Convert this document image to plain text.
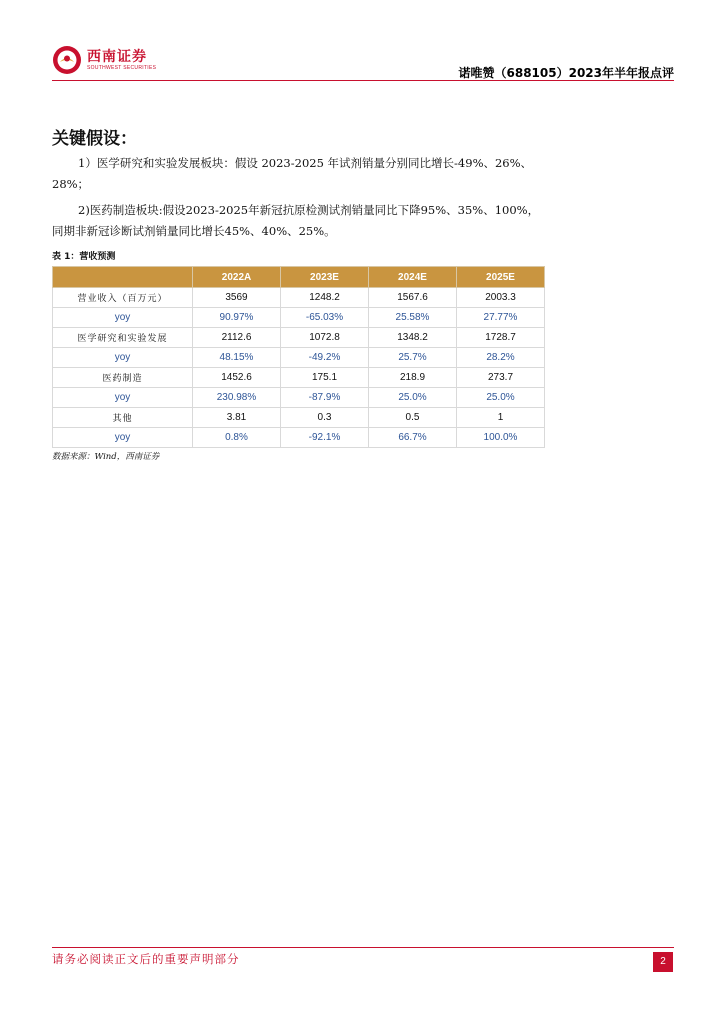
西南证券
SOUTHWEST SECURITIES	诺唯赞（688105）2023年半年报点评
关键假设：
1）医学研究和实验发展板块：假设 2023-2025 年试剂销量分别同比增长-49%、26%、28%；
2)医药制造板块:假设2023-2025年新冠抗原检测试剂销量同比下降95%、35%、100%，同期非新冠诊断试剂销量同比增长45%、40%、25%。
表 1：营收预测
	2022A	2023E	2024E	2025E
营业收入（百万元）	3569	1248.2	1567.6	2003.3
yoy	90.97%	-65.03%	25.58%	27.77%
医学研究和实验发展	2112.6	1072.8	1348.2	1728.7
yoy	48.15%	-49.2%	25.7%	28.2%
医药制造	1452.6	175.1	218.9	273.7
yoy	230.98%	-87.9%	25.0%	25.0%
其他	3.81	0.3	0.5	1
yoy	0.8%	-92.1%	66.7%	100.0%
数据来源：Wind，西南证券
请务必阅读正文后的重要声明部分	2
